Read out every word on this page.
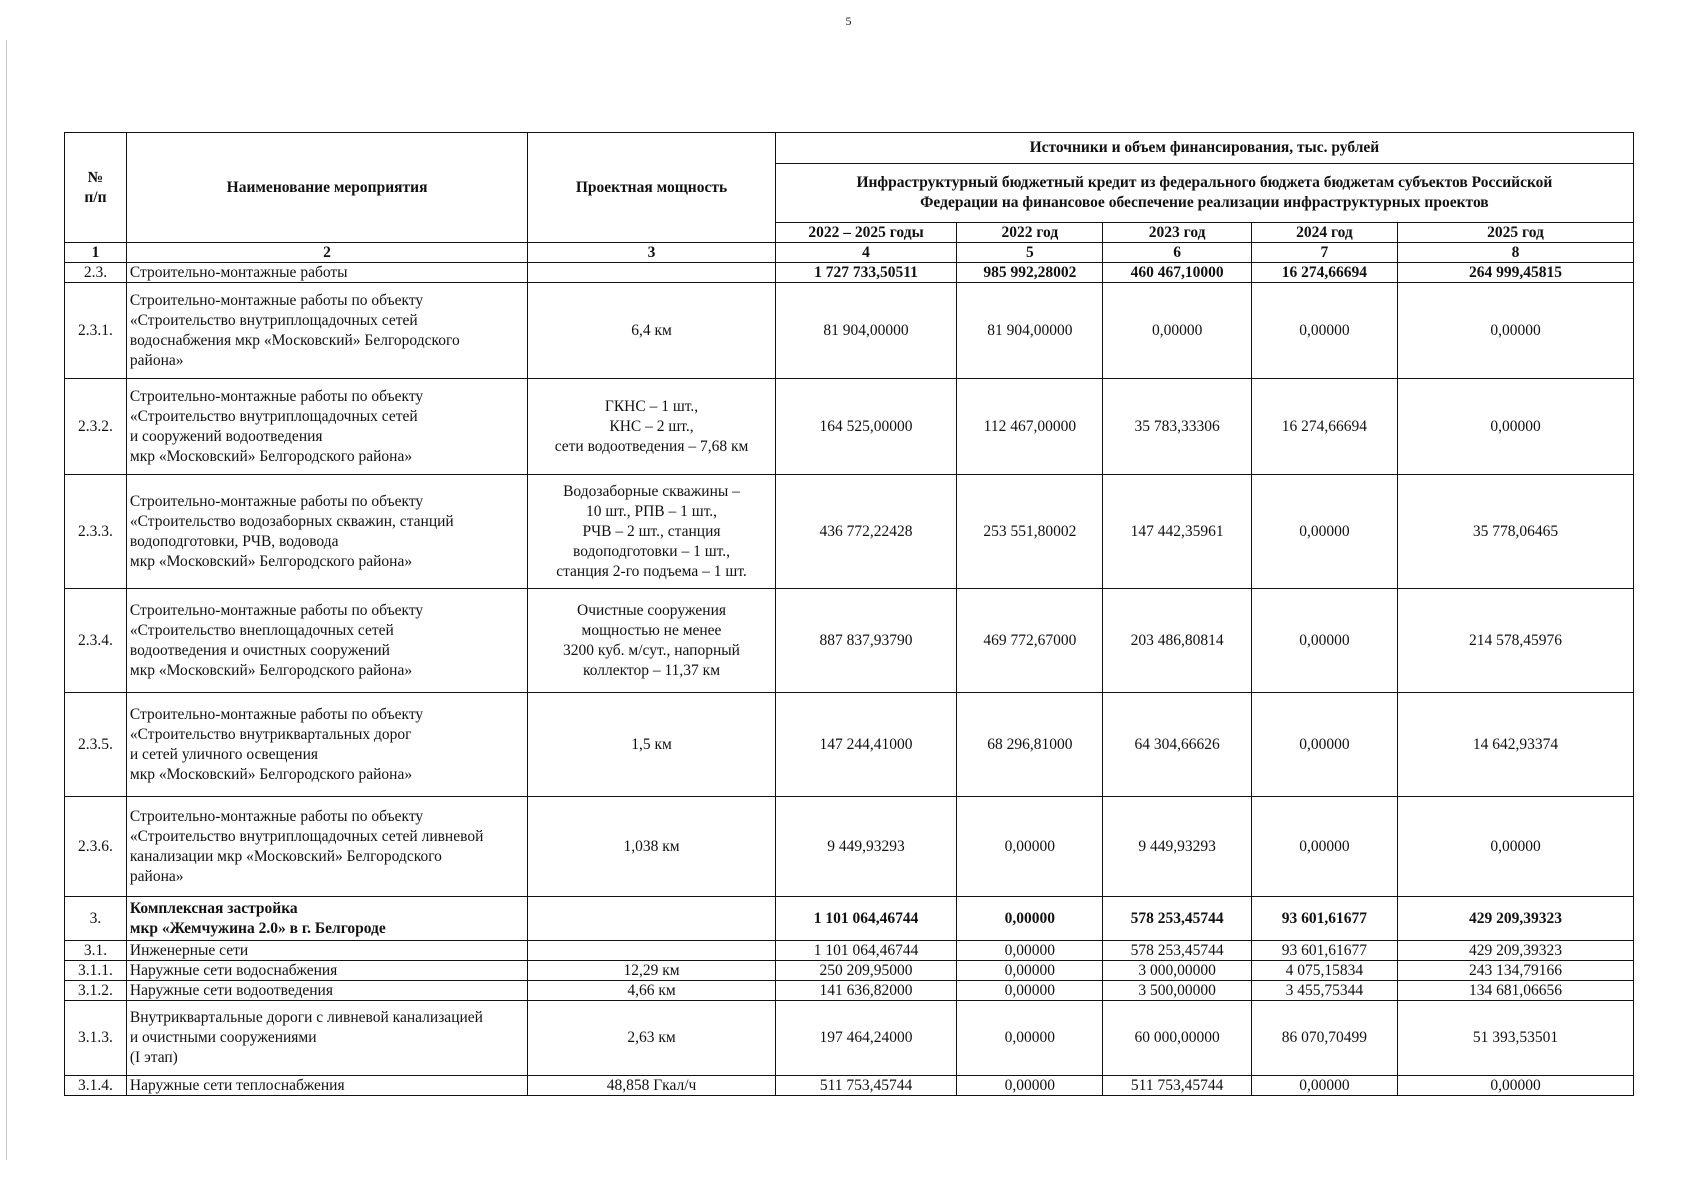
5
№
п/п	Наименование мероприятия	Проектная мощность	Источники и объем финансирования, тыс. рублей				
			Инфраструктурный бюджетный кредит из федерального бюджета бюджетам субъектов Российской
Федерации на финансовое обеспечение реализации инфраструктурных проектов				
			2022 – 2025 годы	2022 год	2023 год	2024 год	2025 год
1	2	3	4	5	6	7	8
2.3.	Строительно-монтажные работы		1 727 733,50511	985 992,28002	460 467,10000	16 274,66694	264 999,45815
2.3.1.	Строительно-монтажные работы по объекту
«Строительство внутриплощадочных сетей
водоснабжения мкр «Московский» Белгородского
района»	6,4 км	81 904,00000	81 904,00000	0,00000	0,00000	0,00000
2.3.2.	Строительно-монтажные работы по объекту
«Строительство внутриплощадочных сетей
и сооружений водоотведения
мкр «Московский» Белгородского района»	ГКНС – 1 шт.,
КНС – 2 шт.,
сети водоотведения – 7,68 км	164 525,00000	112 467,00000	35 783,33306	16 274,66694	0,00000
2.3.3.	Строительно-монтажные работы по объекту
«Строительство водозаборных скважин, станций
водоподготовки, РЧВ, водовода
мкр «Московский» Белгородского района»	Водозаборные скважины –
10 шт., РПВ – 1 шт.,
РЧВ – 2 шт., станция
водоподготовки – 1 шт.,
станция 2-го подъема – 1 шт.	436 772,22428	253 551,80002	147 442,35961	0,00000	35 778,06465
2.3.4.	Строительно-монтажные работы по объекту
«Строительство внеплощадочных сетей
водоотведения и очистных сооружений
мкр «Московский» Белгородского района»	Очистные сооружения
мощностью не менее
3200 куб. м/сут., напорный
коллектор – 11,37 км	887 837,93790	469 772,67000	203 486,80814	0,00000	214 578,45976
2.3.5.	Строительно-монтажные работы по объекту
«Строительство внутриквартальных дорог
и сетей уличного освещения
мкр «Московский» Белгородского района»	1,5 км	147 244,41000	68 296,81000	64 304,66626	0,00000	14 642,93374
2.3.6.	Строительно-монтажные работы по объекту
«Строительство внутриплощадочных сетей ливневой
канализации мкр «Московский» Белгородского
района»	1,038 км	9 449,93293	0,00000	9 449,93293	0,00000	0,00000
3.	Комплексная застройка
мкр «Жемчужина 2.0» в г. Белгороде		1 101 064,46744	0,00000	578 253,45744	93 601,61677	429 209,39323
3.1.	Инженерные сети		1 101 064,46744	0,00000	578 253,45744	93 601,61677	429 209,39323
3.1.1.	Наружные сети водоснабжения	12,29 км	250 209,95000	0,00000	3 000,00000	4 075,15834	243 134,79166
3.1.2.	Наружные сети водоотведения	4,66 км	141 636,82000	0,00000	3 500,00000	3 455,75344	134 681,06656
3.1.3.	Внутриквартальные дороги с ливневой канализацией
и очистными сооружениями
(I этап)	2,63 км	197 464,24000	0,00000	60 000,00000	86 070,70499	51 393,53501
3.1.4.	Наружные сети теплоснабжения	48,858 Гкал/ч	511 753,45744	0,00000	511 753,45744	0,00000	0,00000
